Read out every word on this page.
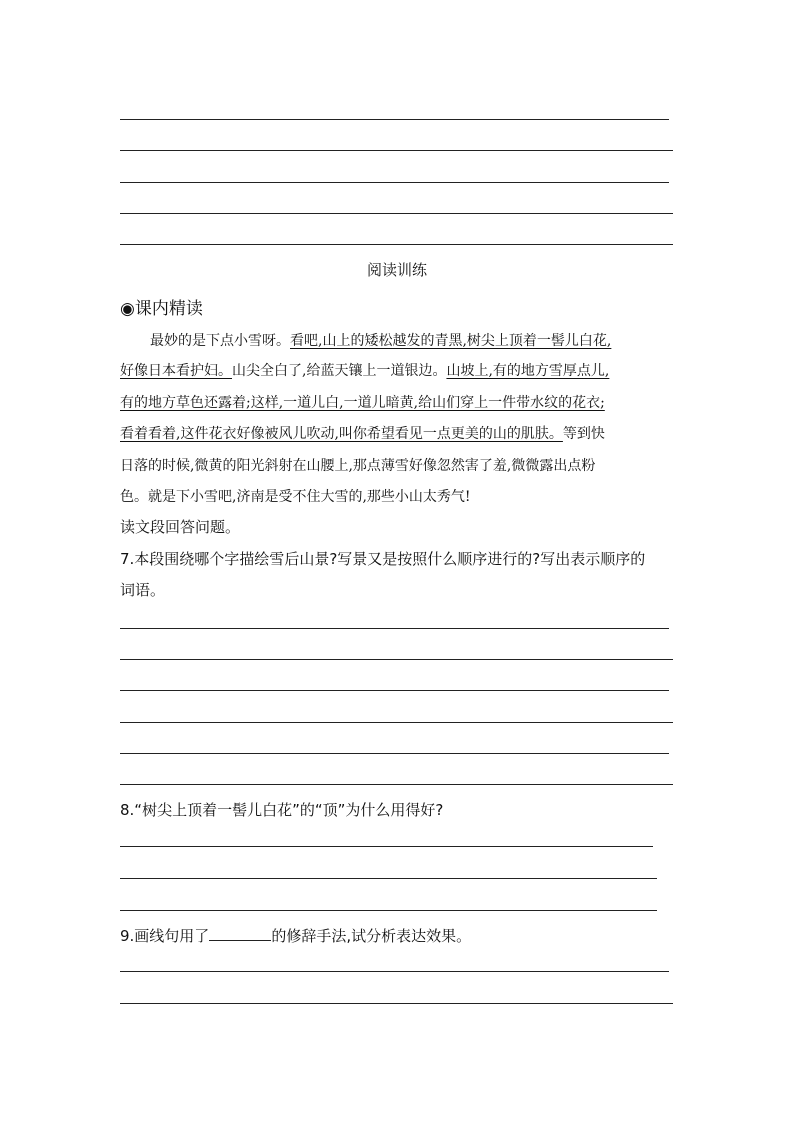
阅读训练
◉课内精读
最妙的是下点小雪呀。看吧,山上的矮松越发的青黑,树尖上顶着一髻儿白花,
好像日本看护妇。山尖全白了,给蓝天镶上一道银边。山坡上,有的地方雪厚点儿,
有的地方草色还露着;这样,一道儿白,一道儿暗黄,给山们穿上一件带水纹的花衣;
看着看着,这件花衣好像被风儿吹动,叫你希望看见一点更美的山的肌肤。等到快
日落的时候,微黄的阳光斜射在山腰上,那点薄雪好像忽然害了羞,微微露出点粉
色。就是下小雪吧,济南是受不住大雪的,那些小山太秀气!
读文段回答问题。
7.本段围绕哪个字描绘雪后山景?写景又是按照什么顺序进行的?写出表示顺序的
词语。
8.“树尖上顶着一髻儿白花”的“顶”为什么用得好?
9.画线句用了	的修辞手法,试分析表达效果。
